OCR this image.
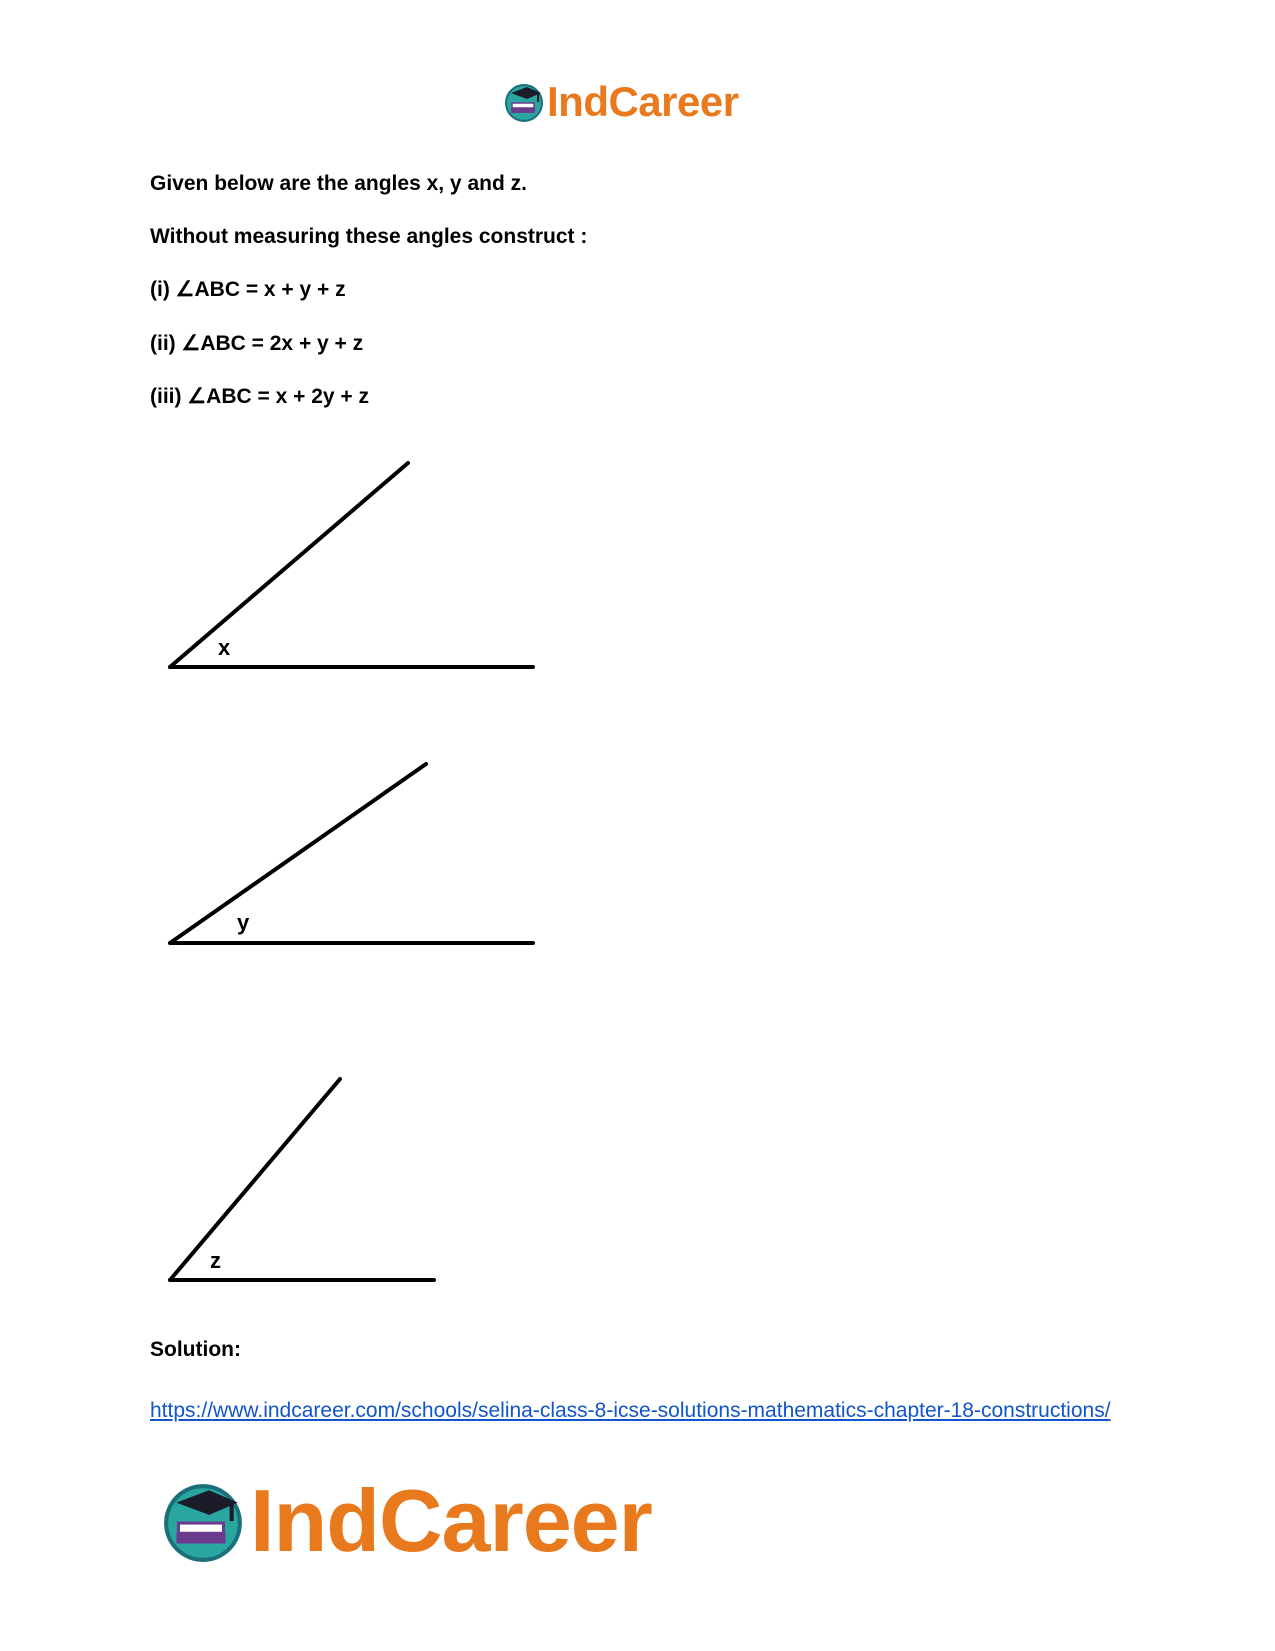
IndCareer
Given below are the angles x, y and z.
Without measuring these angles construct :
(i) ∠ABC = x + y + z
(ii) ∠ABC = 2x + y + z
(iii) ∠ABC = x + 2y + z
x
y
z
Solution:
https://www.indcareer.com/schools/selina-class-8-icse-solutions-mathematics-chapter-18-constructions/
IndCareer
